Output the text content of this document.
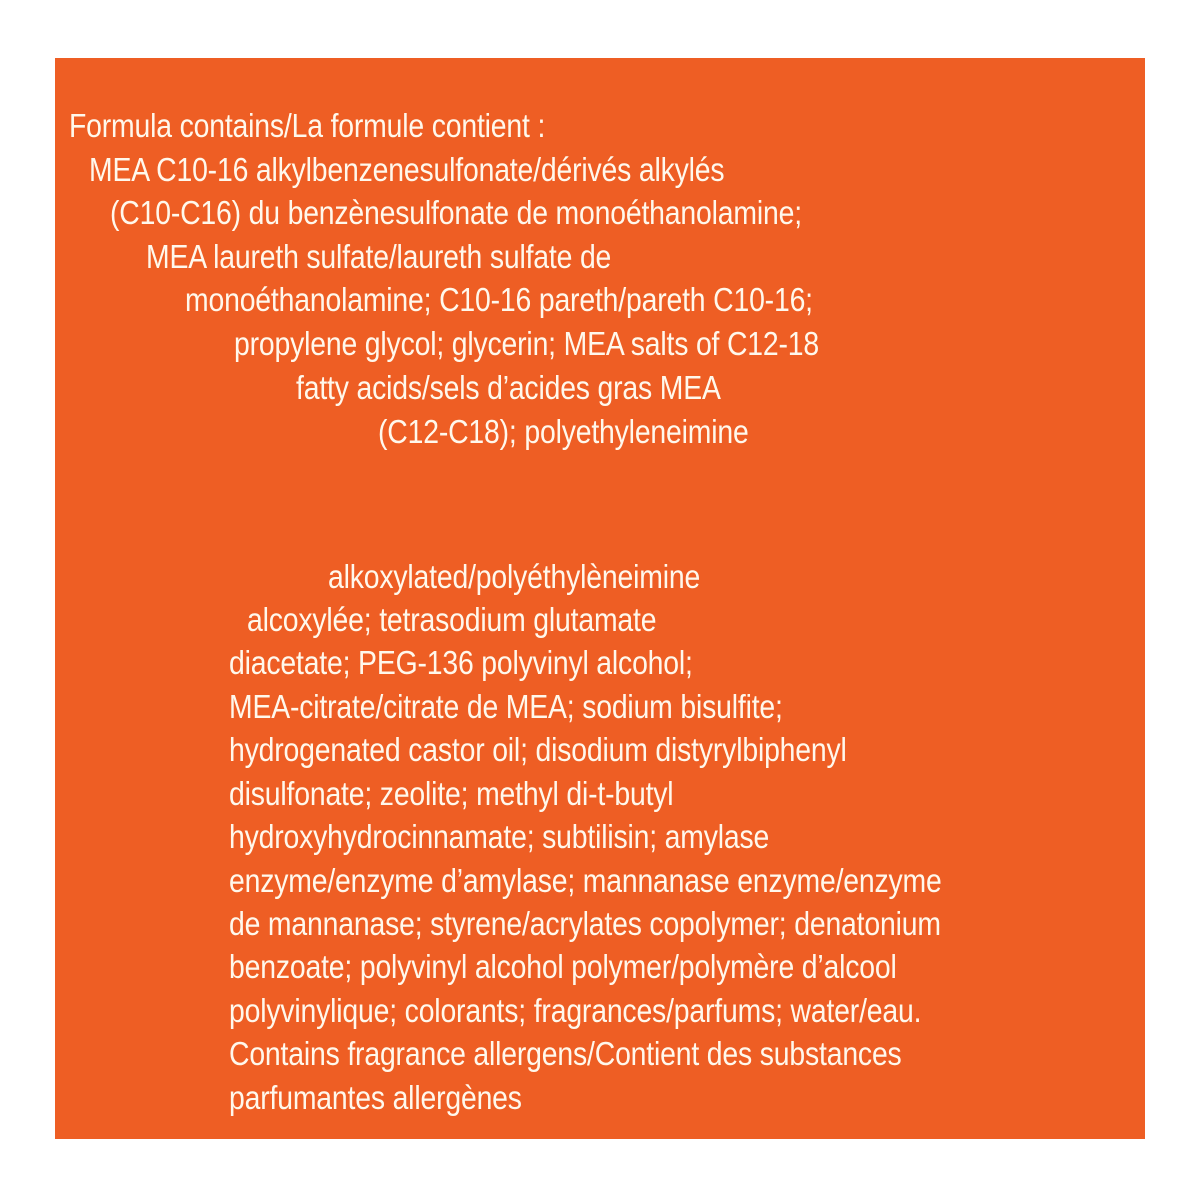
Formula contains/La formule contient :
MEA C10-16 alkylbenzenesulfonate/dérivés alkylés
(C10-C16) du benzènesulfonate de monoéthanolamine;
MEA laureth sulfate/laureth sulfate de
monoéthanolamine; C10-16 pareth/pareth C10-16;
propylene glycol; glycerin; MEA salts of C12-18
fatty acids/sels d’acides gras MEA
(C12-C18); polyethyleneimine
alkoxylated/polyéthylèneimine
alcoxylée; tetrasodium glutamate
diacetate; PEG-136 polyvinyl alcohol;
MEA-citrate/citrate de MEA; sodium bisulfite;
hydrogenated castor oil; disodium distyrylbiphenyl
disulfonate; zeolite; methyl di-t-butyl
hydroxyhydrocinnamate; subtilisin; amylase
enzyme/enzyme d’amylase; mannanase enzyme/enzyme
de mannanase; styrene/acrylates copolymer; denatonium
benzoate; polyvinyl alcohol polymer/polymère d’alcool
polyvinylique; colorants; fragrances/parfums; water/eau.
Contains fragrance allergens/Contient des substances
parfumantes allergènes
